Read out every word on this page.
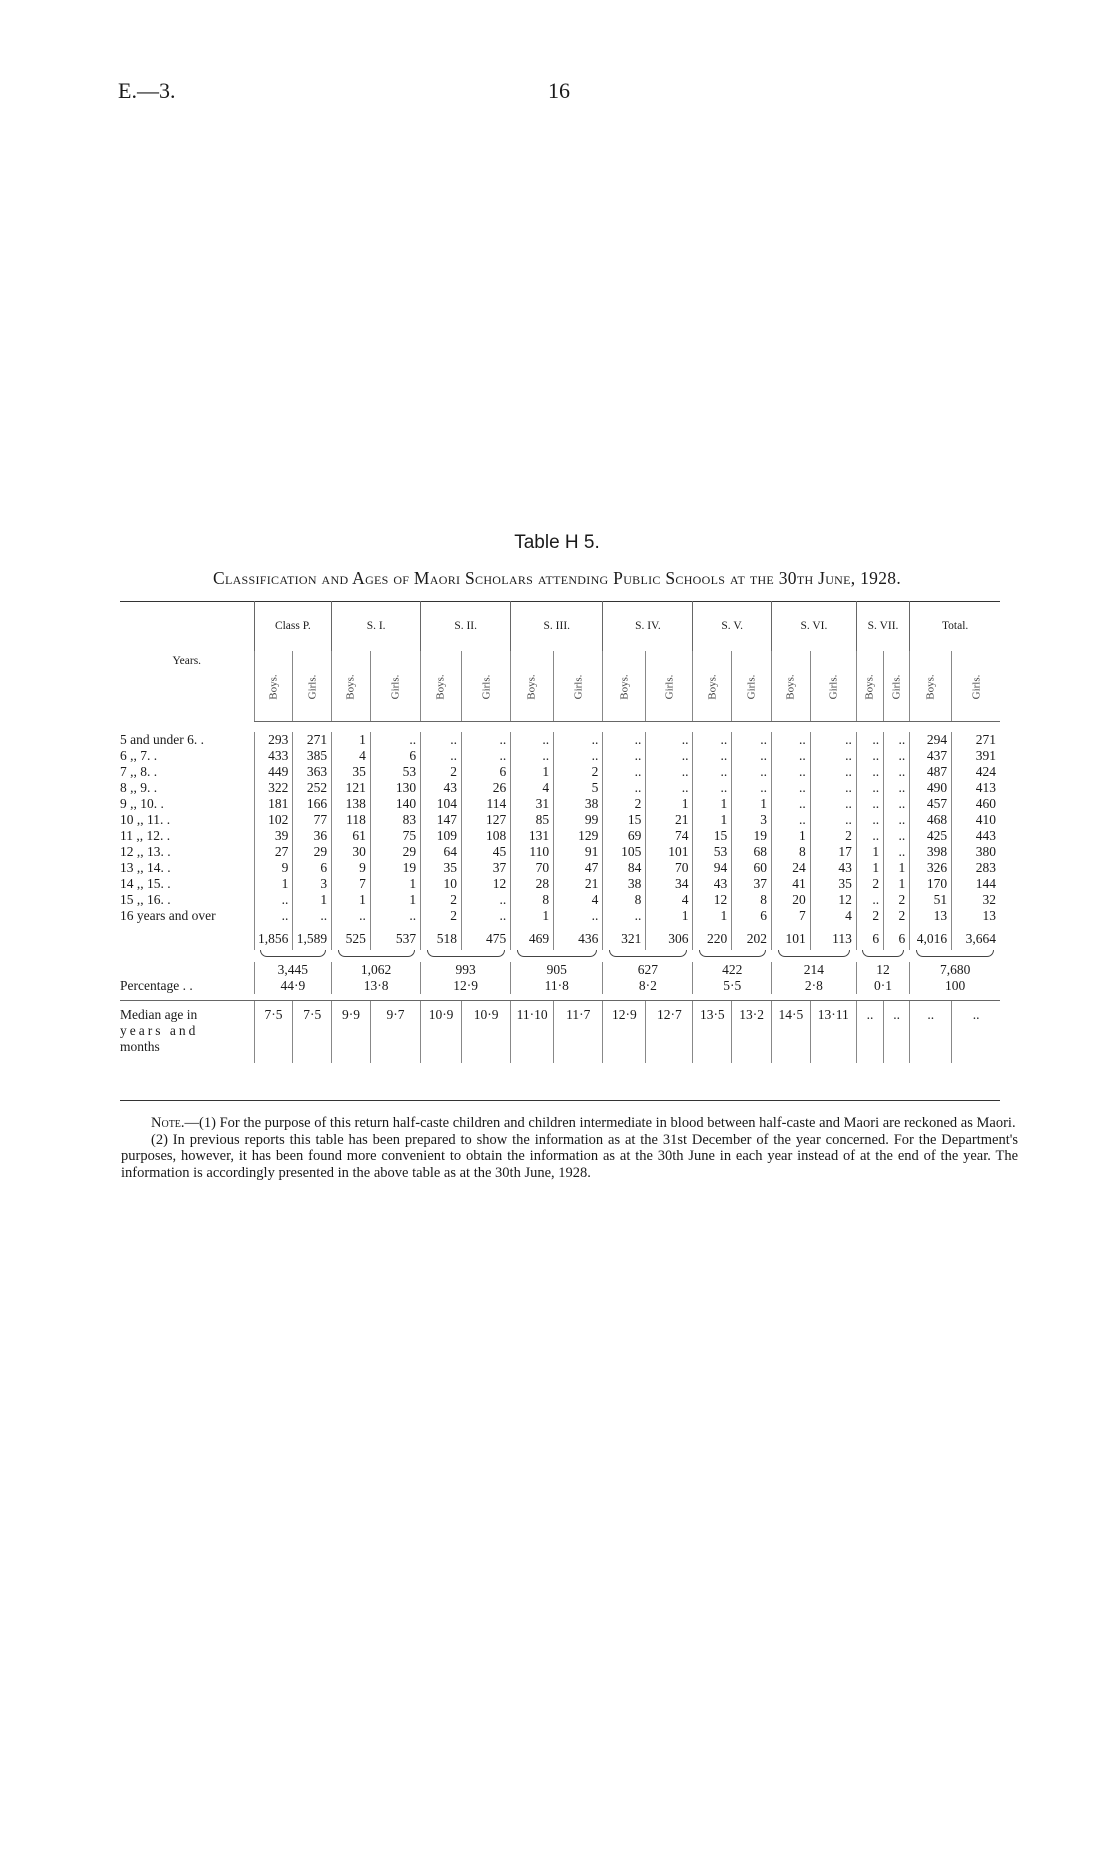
E.—3.	16
Table H 5.
Classification and Ages of Maori Scholars attending Public Schools at the 30th June, 1928.
Years.	Class P.		S. I.		S. II.		S. III.		S. IV.		S. V.		S. VI.		S. VII.		Total.	
	Boys.	Girls.	Boys.	Girls.	Boys.	Girls.	Boys.	Girls.	Boys.	Girls.	Boys.	Girls.	Boys.	Girls.	Boys.	Girls.	Boys.	Girls.

5 and under 6. .	293	271	1	..	..	..	..	..	..	..	..	..	..	..	..	..	294	271
6 ,, 7. .	433	385	4	6	..	..	..	..	..	..	..	..	..	..	..	..	437	391
7 ,, 8. .	449	363	35	53	2	6	1	2	..	..	..	..	..	..	..	..	487	424
8 ,, 9. .	322	252	121	130	43	26	4	5	..	..	..	..	..	..	..	..	490	413
9 ,, 10. .	181	166	138	140	104	114	31	38	2	1	1	1	..	..	..	..	457	460
10 ,, 11. .	102	77	118	83	147	127	85	99	15	21	1	3	..	..	..	..	468	410
11 ,, 12. .	39	36	61	75	109	108	131	129	69	74	15	19	1	2	..	..	425	443
12 ,, 13. .	27	29	30	29	64	45	110	91	105	101	53	68	8	17	1	..	398	380
13 ,, 14. .	9	6	9	19	35	37	70	47	84	70	94	60	24	43	1	1	326	283
14 ,, 15. .	1	3	7	1	10	12	28	21	38	34	43	37	41	35	2	1	170	144
15 ,, 16. .	..	1	1	1	2	..	8	4	8	4	12	8	20	12	..	2	51	32
16 years and over	..	..	..	..	2	..	1	..	..	1	1	6	7	4	2	2	13	13
	1,856	1,589	525	537	518	475	469	436	321	306	220	202	101	113	6	6	4,016	3,664

	3,445		1,062		993		905		627		422		214		12		7,680	
Percentage . .	44·9		13·8		12·9		11·8		8·2		5·5		2·8		0·1		100	

Median age in
years and
months	7·5	7·5	9·9	9·7	10·9	10·9	11·10	11·7	12·9	12·7	13·5	13·2	14·5	13·11	..	..	..	..

Note.—(1) For the purpose of this return half-caste children and children intermediate in blood between half-caste and Maori are reckoned as Maori.

(2) In previous reports this table has been prepared to show the information as at the 31st December of the year concerned. For the Department's purposes, however, it has been found more convenient to obtain the information as at the 30th June in each year instead of at the end of the year. The information is accordingly presented in the above table as at the 30th June, 1928.
